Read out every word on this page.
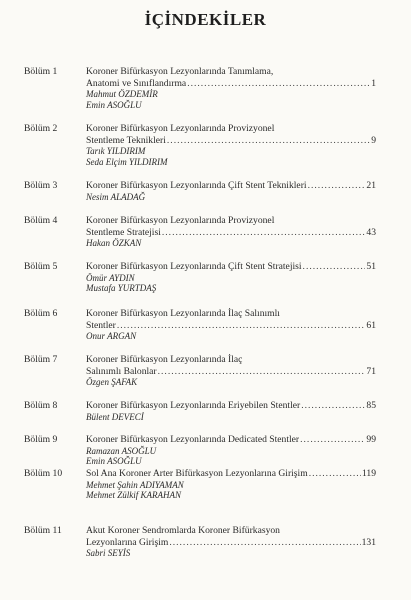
İÇİNDEKİLER
Bölüm 1	Koroner Bifürkasyon Lezyonlarında Tanımlama,
Anatomi ve Sınıflandırma .....	1
Mahmut ÖZDEMİR
Emin ASOĞLU
Bölüm 2	Koroner Bifürkasyon Lezyonlarında Provizyonel
Stentleme Teknikleri .....	9
Tarık YILDIRIM
Seda Elçim YILDIRIM
Bölüm 3	Koroner Bifürkasyon Lezyonlarında Çift Stent Teknikleri .....	21
Nesim ALADAĞ
Bölüm 4	Koroner Bifürkasyon Lezyonlarında Provizyonel
Stentleme Stratejisi .....	43
Hakan ÖZKAN
Bölüm 5	Koroner Bifürkasyon Lezyonlarında Çift Stent Stratejisi .....	51
Ömür AYDIN
Mustafa YURTDAŞ
Bölüm 6	Koroner Bifürkasyon Lezyonlarında İlaç Salınımlı
Stentler .....	61
Onur ARGAN
Bölüm 7	Koroner Bifürkasyon Lezyonlarında İlaç
Salınımlı Balonlar .....	71
Özgen ŞAFAK
Bölüm 8	Koroner Bifürkasyon Lezyonlarında Eriyebilen Stentler .....	85
Bülent DEVECİ
Bölüm 9	Koroner Bifürkasyon Lezyonlarında Dedicated Stentler .....	99
Ramazan ASOĞLU
Emin ASOĞLU
Bölüm 10 Sol Ana Koroner Arter Bifürkasyon Lezyonlarına Girişim .....	119
Mehmet Şahin ADIYAMAN
Mehmet Zülkif KARAHAN
Bölüm 11	Akut Koroner Sendromlarda Koroner Bifürkasyon
Lezyonlarına Girişim .....	131
Sabri SEYİS
